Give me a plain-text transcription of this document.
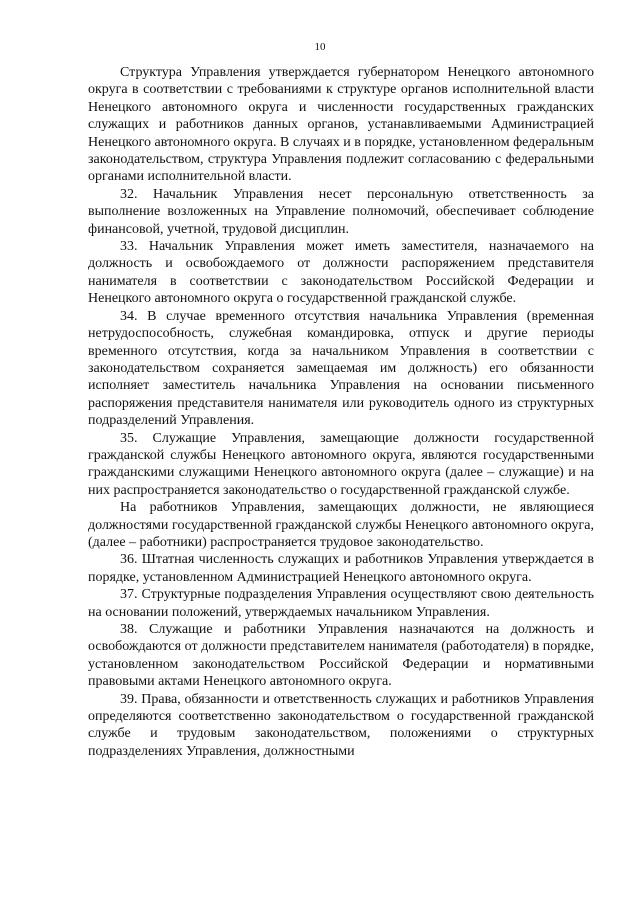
10

Структура Управления утверждается губернатором Ненецкого автономного округа в соответствии с требованиями к структуре органов исполнительной власти Ненецкого автономного округа и численности государственных гражданских служащих и работников данных органов, устанавливаемыми Администрацией Ненецкого автономного округа. В случаях и в порядке, установленном федеральным законодательством, структура Управления подлежит согласованию с федеральными органами исполнительной власти.

32. Начальник Управления несет персональную ответственность за выполнение возложенных на Управление полномочий, обеспечивает соблюдение финансовой, учетной, трудовой дисциплин.

33. Начальник Управления может иметь заместителя, назначаемого на должность и освобождаемого от должности распоряжением представителя нанимателя в соответствии с законодательством Российской Федерации и Ненецкого автономного округа о государственной гражданской службе.

34. В случае временного отсутствия начальника Управления (временная нетрудоспособность, служебная командировка, отпуск и другие периоды временного отсутствия, когда за начальником Управления в соответствии с законодательством сохраняется замещаемая им должность) его обязанности исполняет заместитель начальника Управления на основании письменного распоряжения представителя нанимателя или руководитель одного из структурных подразделений Управления.

35. Служащие Управления, замещающие должности государственной гражданской службы Ненецкого автономного округа, являются государственными гражданскими служащими Ненецкого автономного округа (далее – служащие) и на них распространяется законодательство о государственной гражданской службе.

На работников Управления, замещающих должности, не являющиеся должностями государственной гражданской службы Ненецкого автономного округа, (далее – работники) распространяется трудовое законодательство.

36. Штатная численность служащих и работников Управления утверждается в порядке, установленном Администрацией Ненецкого автономного округа.

37. Структурные подразделения Управления осуществляют свою деятельность на основании положений, утверждаемых начальником Управления.

38. Служащие и работники Управления назначаются на должность и освобождаются от должности представителем нанимателя (работодателя) в порядке, установленном законодательством Российской Федерации и нормативными правовыми актами Ненецкого автономного округа.

39. Права, обязанности и ответственность служащих и работников Управления определяются соответственно законодательством о государственной гражданской службе и трудовым законодательством, положениями о структурных подразделениях Управления, должностными
